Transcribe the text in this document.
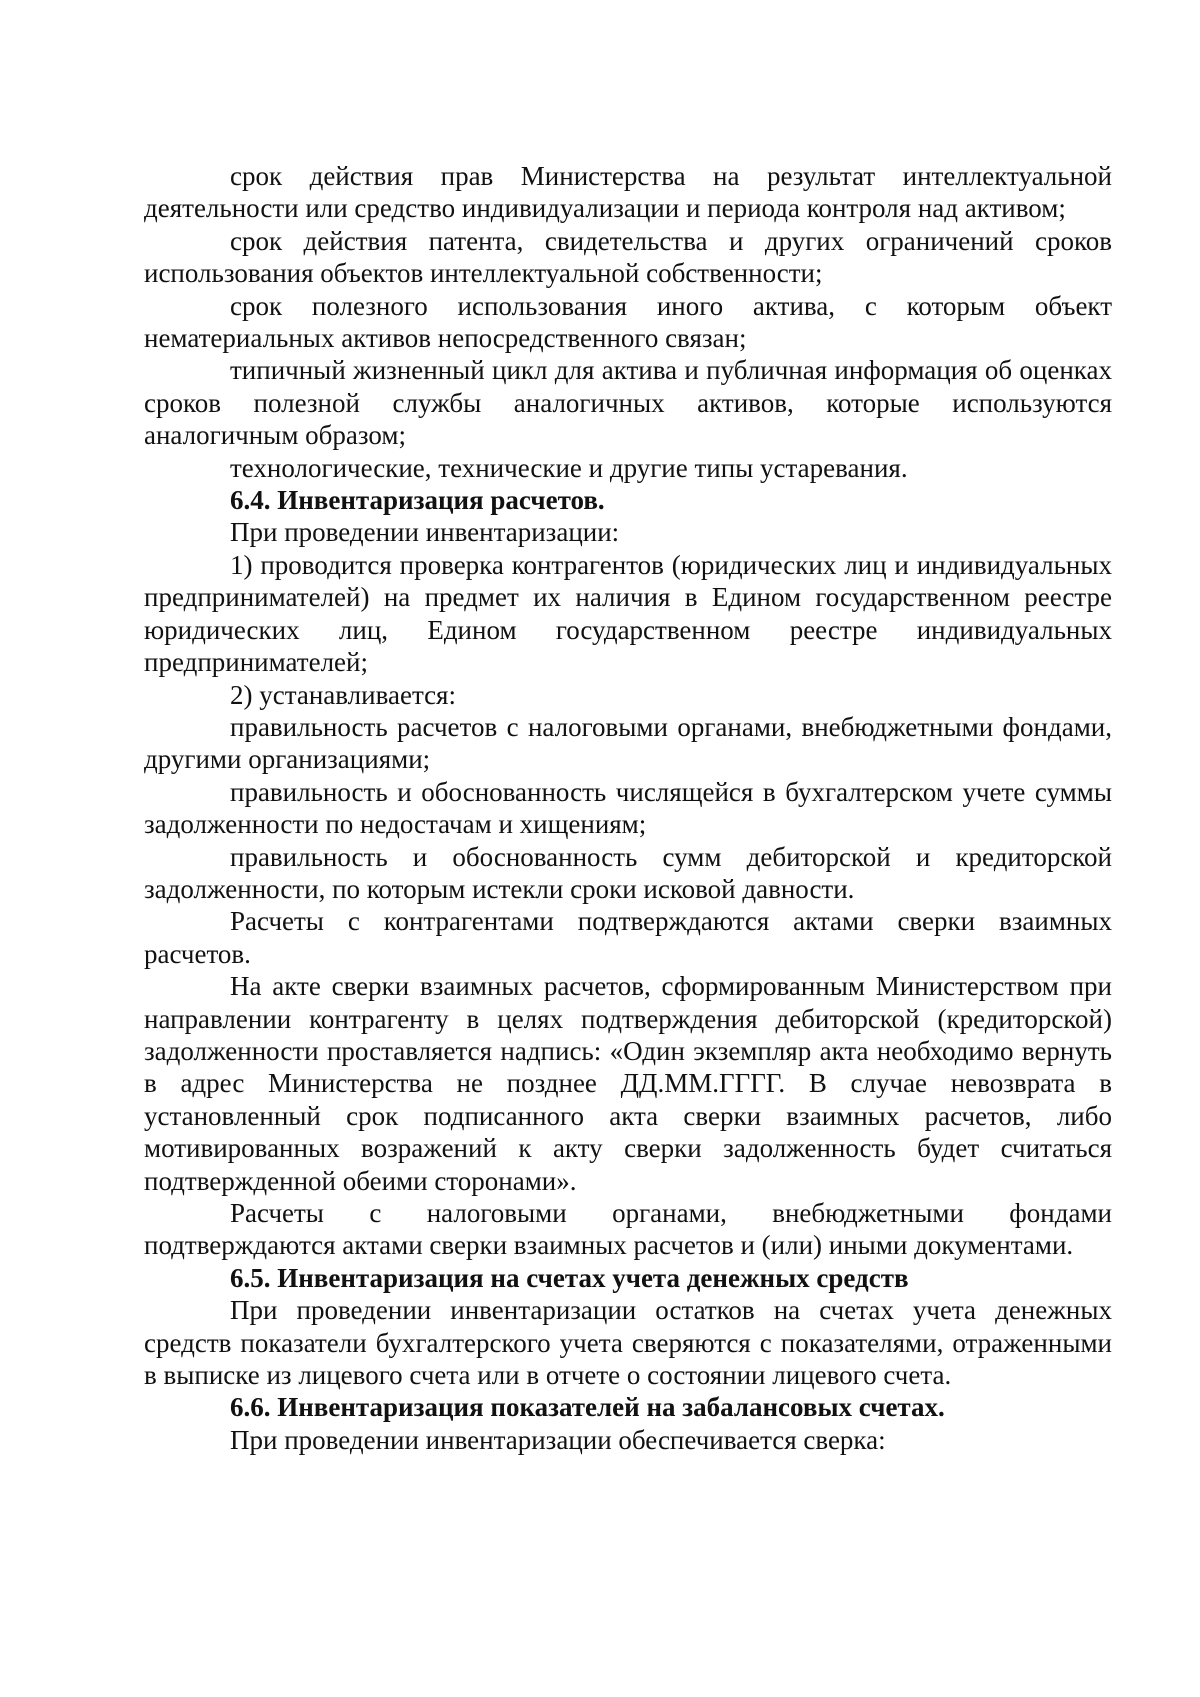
срок действия прав Министерства на результат интеллектуальной деятельности или средство индивидуализации и периода контроля над активом;

срок действия патента, свидетельства и других ограничений сроков использования объектов интеллектуальной собственности;

срок полезного использования иного актива, с которым объект нематериальных активов непосредственного связан;

типичный жизненный цикл для актива и публичная информация об оценках сроков полезной службы аналогичных активов, которые используются аналогичным образом;

технологические, технические и другие типы устаревания.

6.4. Инвентаризация расчетов.

При проведении инвентаризации:

1) проводится проверка контрагентов (юридических лиц и индивидуальных предпринимателей) на предмет их наличия в Едином государственном реестре юридических лиц, Едином государственном реестре индивидуальных предпринимателей;

2) устанавливается:

правильность расчетов с налоговыми органами, внебюджетными фондами, другими организациями;

правильность и обоснованность числящейся в бухгалтерском учете суммы задолженности по недостачам и хищениям;

правильность и обоснованность сумм дебиторской и кредиторской задолженности, по которым истекли сроки исковой давности.

Расчеты с контрагентами подтверждаются актами сверки взаимных расчетов.

На акте сверки взаимных расчетов, сформированным Министерством при направлении контрагенту в целях подтверждения дебиторской (кредиторской) задолженности проставляется надпись: «Один экземпляр акта необходимо вернуть в адрес Министерства не позднее ДД.ММ.ГГГГ. В случае невозврата в установленный срок подписанного акта сверки взаимных расчетов, либо мотивированных возражений к акту сверки задолженность будет считаться подтвержденной обеими сторонами».

Расчеты с налоговыми органами, внебюджетными фондами подтверждаются актами сверки взаимных расчетов и (или) иными документами.

6.5. Инвентаризация на счетах учета денежных средств

При проведении инвентаризации остатков на счетах учета денежных средств показатели бухгалтерского учета сверяются с показателями, отраженными в выписке из лицевого счета или в отчете о состоянии лицевого счета.

6.6. Инвентаризация показателей на забалансовых счетах.

При проведении инвентаризации обеспечивается сверка:
